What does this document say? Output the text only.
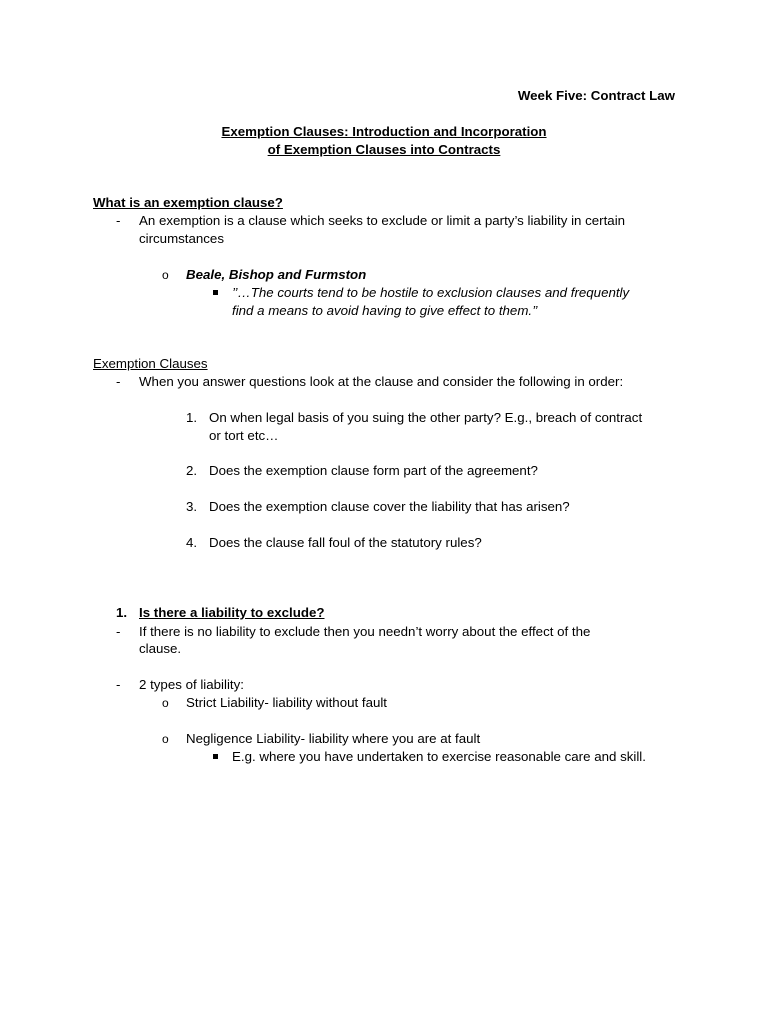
Week Five: Contract Law
Exemption Clauses: Introduction and Incorporation
of Exemption Clauses into Contracts
What is an exemption clause?
- An exemption is a clause which seeks to exclude or limit a party’s liability in certain
circumstances
o Beale, Bishop and Furmston
’’…The courts tend to be hostile to exclusion clauses and frequently
find a means to avoid having to give effect to them.’’
Exemption Clauses
- When you answer questions look at the clause and consider the following in order:
1. On when legal basis of you suing the other party? E.g., breach of contract
or tort etc…
2. Does the exemption clause form part of the agreement?
3. Does the exemption clause cover the liability that has arisen?
4. Does the clause fall foul of the statutory rules?
1. Is there a liability to exclude?
- If there is no liability to exclude then you needn’t worry about the effect of the
clause.
- 2 types of liability:
o Strict Liability- liability without fault
o Negligence Liability- liability where you are at fault
E.g. where you have undertaken to exercise reasonable care and skill.
